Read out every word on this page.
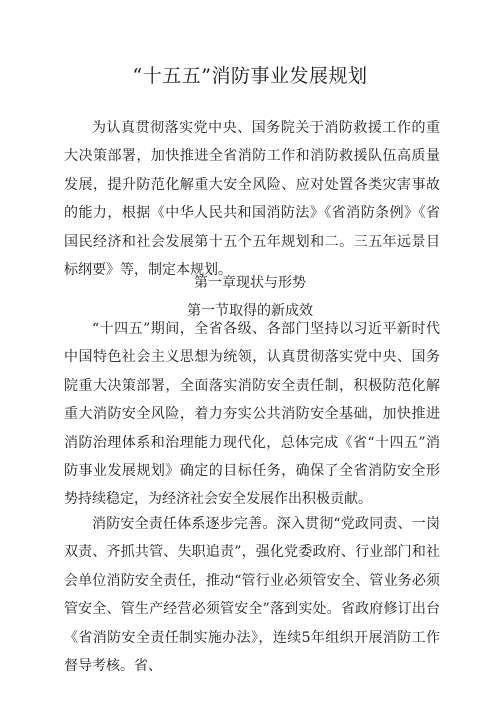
“十五五”消防事业发展规划

为认真贯彻落实党中央、国务院关于消防救援工作的重大决策部署，加快推进全省消防工作和消防救援队伍高质量发展，提升防范化解重大安全风险、应对处置各类灾害事故的能力，根据《中华人民共和国消防法》《省消防条例》《省国民经济和社会发展第十五个五年规划和二。三五年远景目标纲要》等，制定本规划。

第一章现状与形势
第一节取得的新成效

“十四五”期间，全省各级、各部门坚持以习近平新时代中国特色社会主义思想为统领，认真贯彻落实党中央、国务院重大决策部署，全面落实消防安全责任制，积极防范化解重大消防安全风险，着力夯实公共消防安全基础，加快推进消防治理体系和治理能力现代化，总体完成《省“十四五”消防事业发展规划》确定的目标任务，确保了全省消防安全形势持续稳定，为经济社会安全发展作出积极贡献。

消防安全责任体系逐步完善。深入贯彻“党政同责、一岗双责、齐抓共管、失职追责”，强化党委政府、行业部门和社会单位消防安全责任，推动“管行业必须管安全、管业务必须管安全、管生产经营必须管安全”落到实处。省政府修订出台《省消防安全责任制实施办法》，连续5年组织开展消防工作督导考核。省、
